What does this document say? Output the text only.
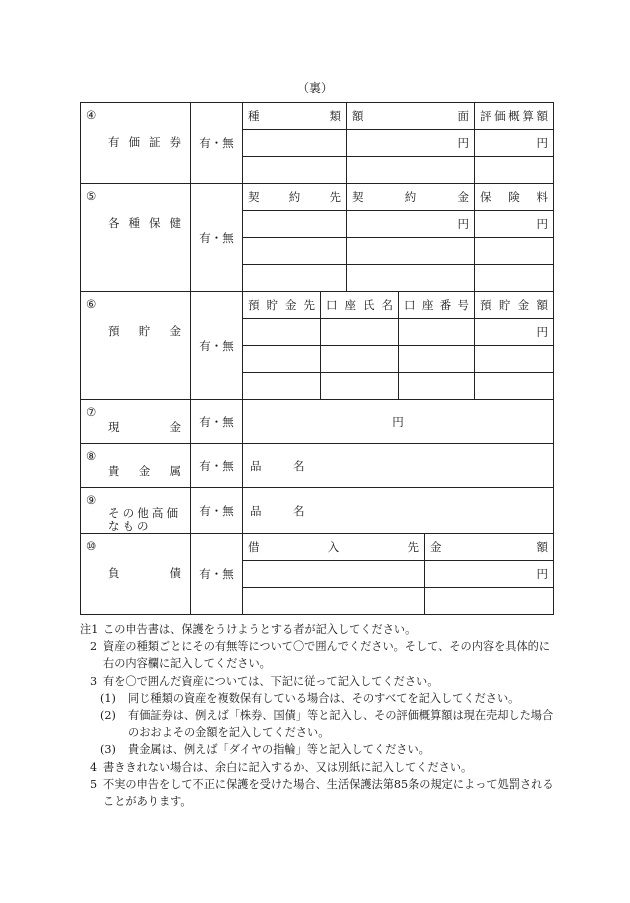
（裏）
④
有価証券	有・無	種類		額面			評価概算額

				円			円

⑤
各種保健	有・無	契約先		契約金			保険料

				円			円

⑥
預貯金	有・無	預貯金先	口座氏名		口座番号		預貯金額

							円

⑦
現金	有・無	円					

⑧
貴金属	有・無	品　名					

⑨
その他高価なもの	有・無	品　名					

⑩
負債	有・無	借入先				金額	

						円	

注1 この申告書は、保護をうけようとする者が記入してください。
2 資産の種類ごとにその有無等について〇で囲んでください。そして、その内容を具体的に右の内容欄に記入してください。
3 有を〇で囲んだ資産については、下記に従って記入してください。
(1) 同じ種類の資産を複数保有している場合は、そのすべてを記入してください。
(2) 有価証券は、例えば「株券、国債」等と記入し、その評価概算額は現在売却した場合のおおよその金額を記入してください。
(3) 貴金属は、例えば「ダイヤの指輪」等と記入してください。
4 書ききれない場合は、余白に記入するか、又は別紙に記入してください。
5 不実の申告をして不正に保護を受けた場合、生活保護法第85条の規定によって処罰されることがあります。
